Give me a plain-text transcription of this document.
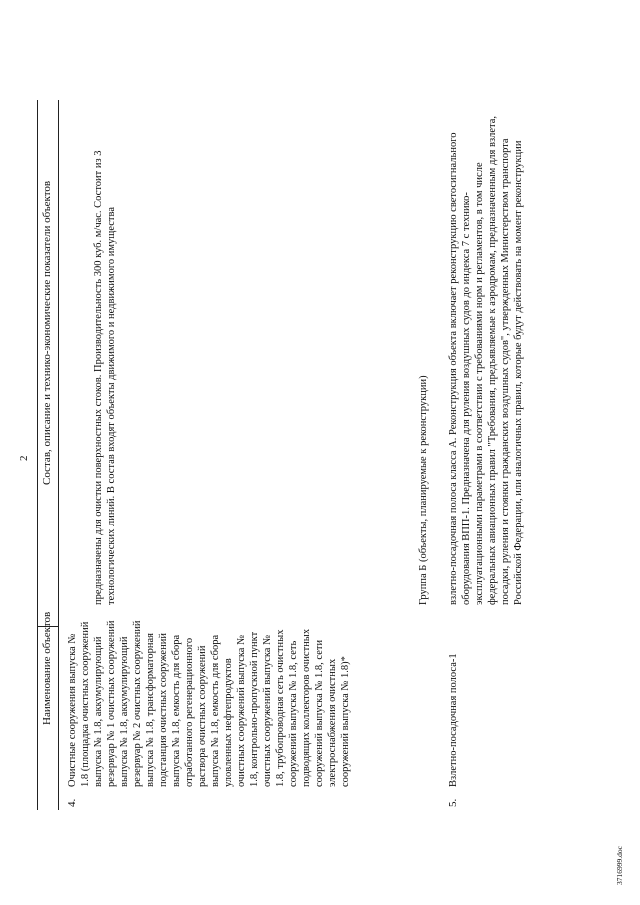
2
Наименование объектов
Состав, описание и технико-экономические показатели объектов
4.
Очистные сооружения выпуска № 1.8 (площадка очистных сооружений выпуска № 1.8, аккумулирующий резервуар № 1 очистных сооружений выпуска № 1.8, аккумулирующий резервуар № 2 очистных сооружений выпуска № 1.8, трансформаторная подстанция очистных сооружений выпуска № 1.8, емкость для сбора отработанного регенерационного раствора очистных сооружений выпуска № 1.8, емкость для сбора уловленных нефтепродуктов очистных сооружений выпуска № 1.8, контрольно-пропускной пункт очистных сооружений выпуска № 1.8, трубопроводная сеть очистных сооружений выпуска № 1.8, сеть подводящих коллекторов очистных сооружений выпуска № 1.8, сети электроснабжения очистных сооружений выпуска № 1.8)*
предназначены для очистки поверхностных стоков. Производительность 300 куб. м/час. Состоит из 3 технологических линий. В состав входят объекты движимого и недвижимого имущества	Группа Б (объекты, планируемые к реконструкции)
5.
Взлетно-посадочная полоса-1
взлетно-посадочная полоса класса А. Реконструкция объекта включает реконструкцию светосигнального оборудования ВПП-1. Предназначена для руления воздушных судов до индекса 7 с технико-эксплуатационными параметрами в соответствии с требованиями норм и регламентов, в том числе федеральных авиационных правил "Требования, предъявляемые к аэродромам, предназначенным для взлета, посадки, руления и стоянки гражданских воздушных судов", утвержденных Министерством транспорта Российской Федерации, или аналогичных правил, которые будут действовать на момент реконструкции
3716999.doc
